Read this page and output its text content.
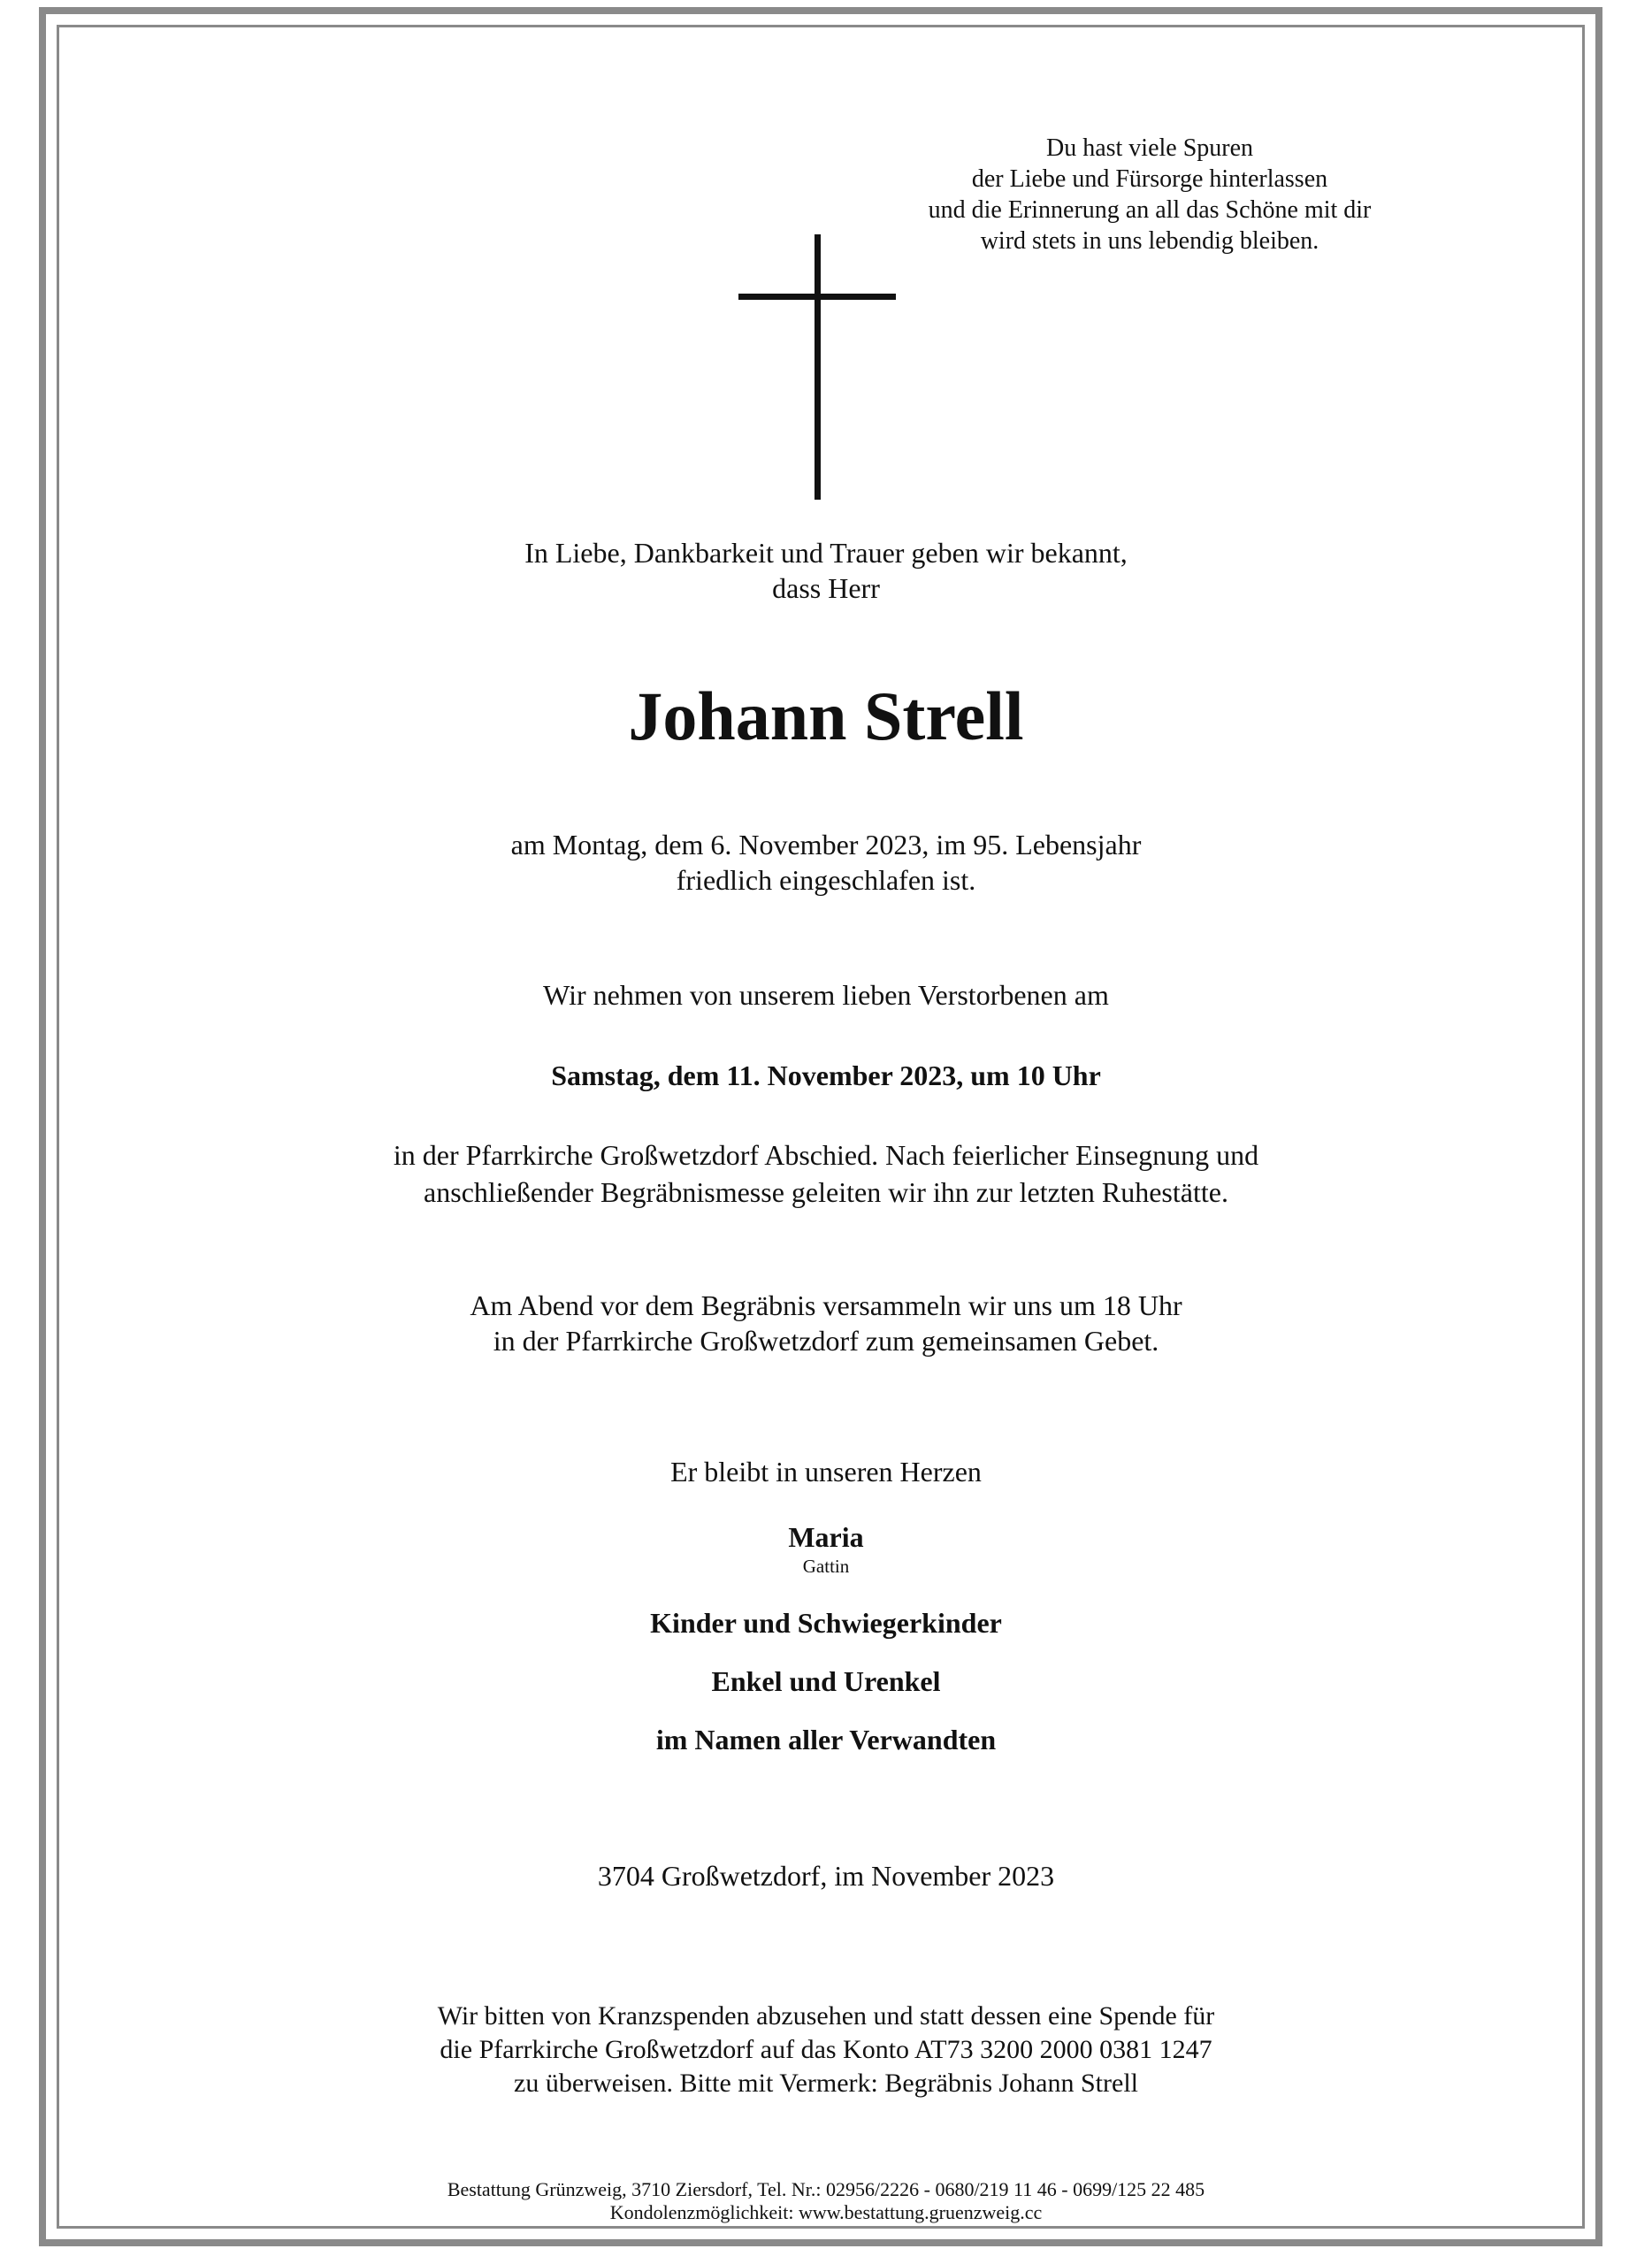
Du hast viele Spuren
der Liebe und Fürsorge hinterlassen
und die Erinnerung an all das Schöne mit dir
wird stets in uns lebendig bleiben.

In Liebe, Dankbarkeit und Trauer geben wir bekannt,

dass Herr

Johann Strell

am Montag, dem 6. November 2023, im 95. Lebensjahr

friedlich eingeschlafen ist.

Wir nehmen von unserem lieben Verstorbenen am

Samstag, dem 11. November 2023, um 10 Uhr

in der Pfarrkirche Großwetzdorf Abschied. Nach feierlicher Einsegnung und

anschließender Begräbnismesse geleiten wir ihn zur letzten Ruhestätte.

Am Abend vor dem Begräbnis versammeln wir uns um 18 Uhr

in der Pfarrkirche Großwetzdorf zum gemeinsamen Gebet.

Er bleibt in unseren Herzen

Maria

Gattin

Kinder und Schwiegerkinder

Enkel und Urenkel

im Namen aller Verwandten

3704 Großwetzdorf, im November 2023

Wir bitten von Kranzspenden abzusehen und statt dessen eine Spende für

die Pfarrkirche Großwetzdorf auf das Konto AT73 3200 2000 0381 1247

zu überweisen. Bitte mit Vermerk: Begräbnis Johann Strell

Bestattung Grünzweig, 3710 Ziersdorf, Tel. Nr.: 02956/2226 - 0680/219 11 46 - 0699/125 22 485

Kondolenzmöglichkeit: www.bestattung.gruenzweig.cc
